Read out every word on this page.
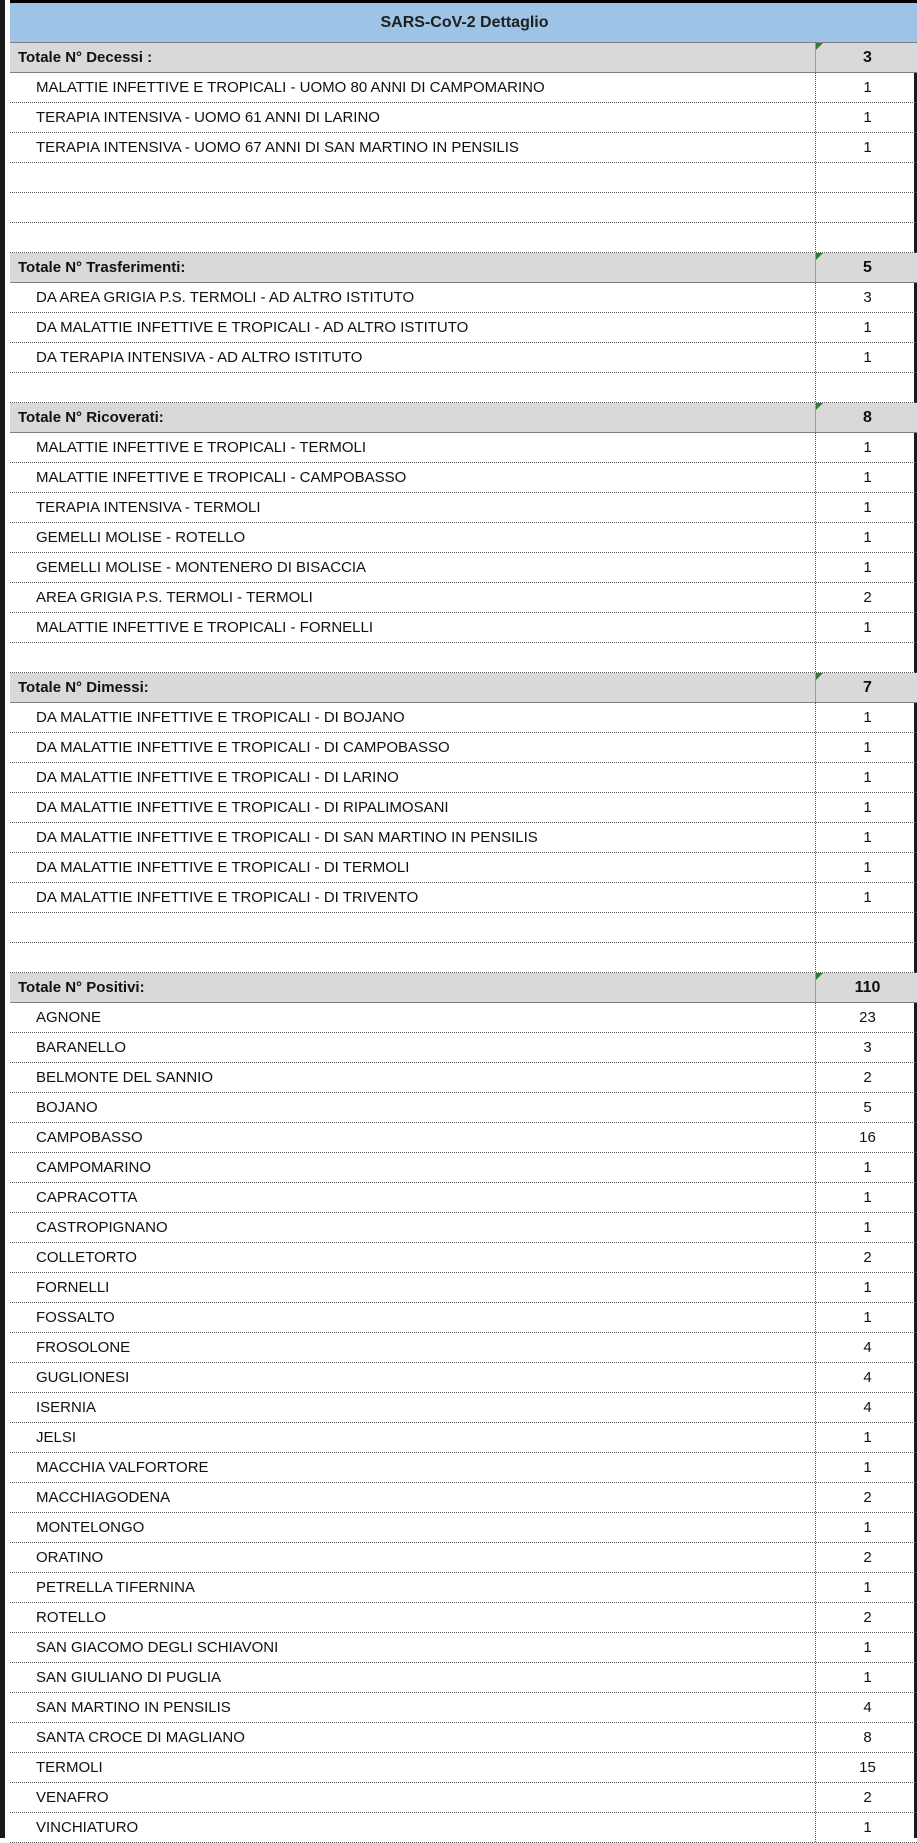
SARS-CoV-2 Dettaglio
Totale N° Decessi :	3
MALATTIE INFETTIVE E TROPICALI - UOMO 80 ANNI DI CAMPOMARINO	1
TERAPIA INTENSIVA - UOMO 61 ANNI DI LARINO	1
TERAPIA INTENSIVA - UOMO 67 ANNI DI SAN MARTINO IN PENSILIS	1
Totale N° Trasferimenti:	5
DA AREA GRIGIA P.S. TERMOLI - AD ALTRO ISTITUTO	3
DA MALATTIE INFETTIVE E TROPICALI - AD ALTRO ISTITUTO	1
DA TERAPIA INTENSIVA - AD ALTRO ISTITUTO	1
Totale N° Ricoverati:	8
MALATTIE INFETTIVE E TROPICALI - TERMOLI	1
MALATTIE INFETTIVE E TROPICALI - CAMPOBASSO	1
TERAPIA INTENSIVA - TERMOLI	1
GEMELLI MOLISE - ROTELLO	1
GEMELLI MOLISE - MONTENERO DI BISACCIA	1
AREA GRIGIA P.S. TERMOLI - TERMOLI	2
MALATTIE INFETTIVE E TROPICALI - FORNELLI	1
Totale N° Dimessi:	7
DA MALATTIE INFETTIVE E TROPICALI - DI BOJANO	1
DA MALATTIE INFETTIVE E TROPICALI - DI CAMPOBASSO	1
DA MALATTIE INFETTIVE E TROPICALI - DI LARINO	1
DA MALATTIE INFETTIVE E TROPICALI - DI RIPALIMOSANI	1
DA MALATTIE INFETTIVE E TROPICALI - DI SAN MARTINO IN PENSILIS	1
DA MALATTIE INFETTIVE E TROPICALI - DI TERMOLI	1
DA MALATTIE INFETTIVE E TROPICALI - DI TRIVENTO	1
Totale N° Positivi:	110
AGNONE	23
BARANELLO	3
BELMONTE DEL SANNIO	2
BOJANO	5
CAMPOBASSO	16
CAMPOMARINO	1
CAPRACOTTA	1
CASTROPIGNANO	1
COLLETORTO	2
FORNELLI	1
FOSSALTO	1
FROSOLONE	4
GUGLIONESI	4
ISERNIA	4
JELSI	1
MACCHIA VALFORTORE	1
MACCHIAGODENA	2
MONTELONGO	1
ORATINO	2
PETRELLA TIFERNINA	1
ROTELLO	2
SAN GIACOMO DEGLI SCHIAVONI	1
SAN GIULIANO DI PUGLIA	1
SAN MARTINO IN PENSILIS	4
SANTA CROCE DI MAGLIANO	8
TERMOLI	15
VENAFRO	2
VINCHIATURO	1
